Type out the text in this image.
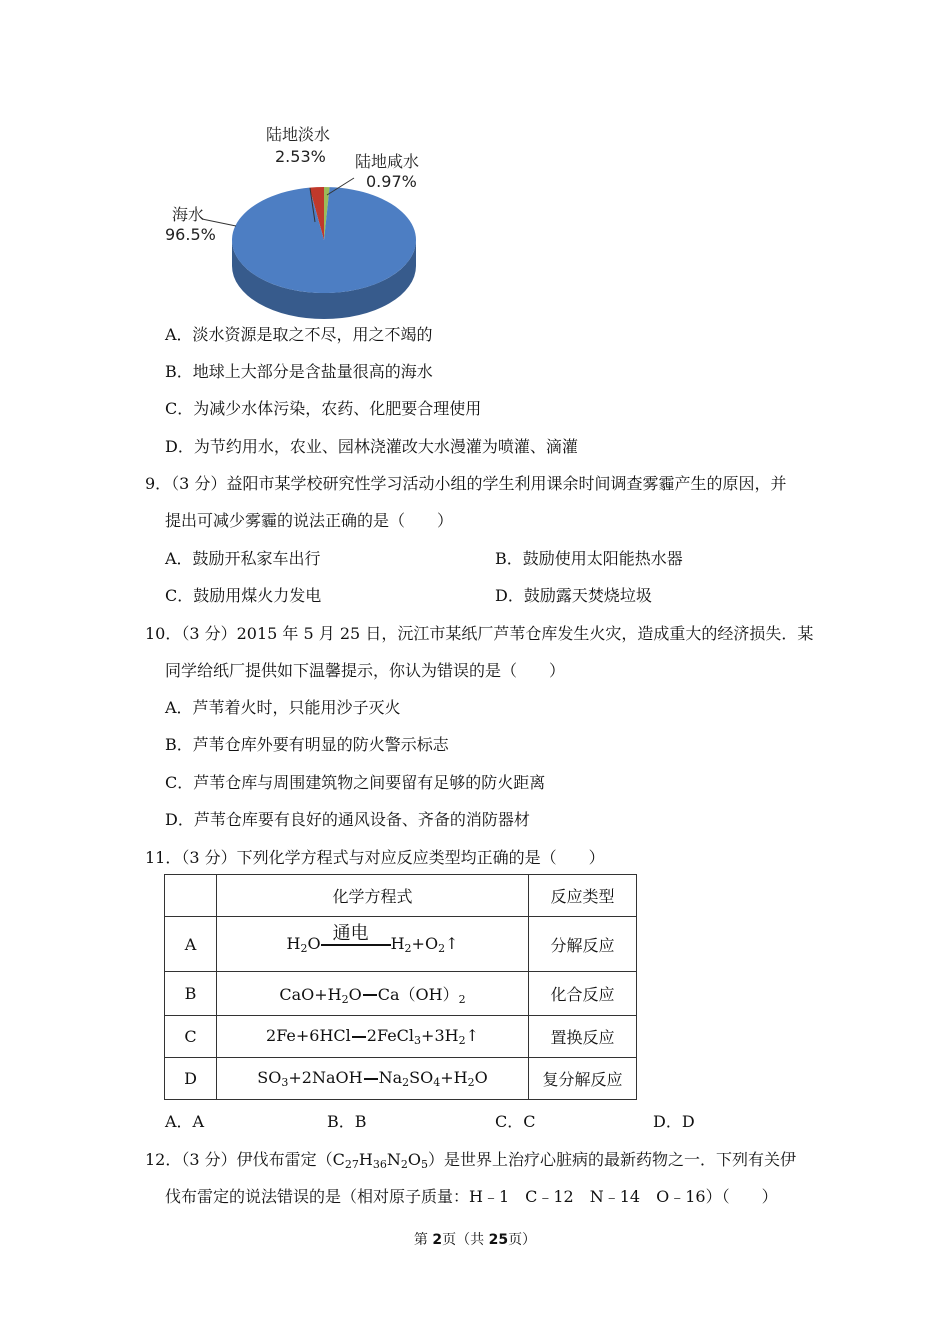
陆地淡水
2.53% 陆地咸水
0.97%
海水
96.5%
A．淡水资源是取之不尽，用之不竭的
B．地球上大部分是含盐量很高的海水
C．为减少水体污染，农药、化肥要合理使用
D．为节约用水，农业、园林浇灌改大水漫灌为喷灌、滴灌
9．（3 分）益阳市某学校研究性学习活动小组的学生利用课余时间调查雾霾产生的原因，并
提出可减少雾霾的说法正确的是（　　）
A．鼓励开私家车出行	B．鼓励使用太阳能热水器
C．鼓励用煤火力发电	D．鼓励露天焚烧垃圾
10．（3 分）2015 年 5 月 25 日，沅江市某纸厂芦苇仓库发生火灾，造成重大的经济损失．某
同学给纸厂提供如下温馨提示，你认为错误的是（　　）
A．芦苇着火时，只能用沙子灭火
B．芦苇仓库外要有明显的防火警示标志
C．芦苇仓库与周围建筑物之间要留有足够的防火距离
D．芦苇仓库要有良好的通风设备、齐备的消防器材
11．（3 分）下列化学方程式与对应反应类型均正确的是（　　）
	化学方程式	反应类型
A	$H_2O$ 通电 $H_2+O_2↑$	分解反应
B	$CaO+H_2O$ $Ca(OH)_2$	化合反应
C	2Fe+6HCl $2FeCl_3+3H_2↑$	置换反应
D	$SO_3+2NaOH$ $Na_2SO_4+H_2O$	复分解反应
A．A	B．B	C．C	D．D
12．（3 分）伊伐布雷定$(C_{27}H_{36}N_2O_5)$是世界上治疗心脏病的最新药物之一．下列有关伊
伐布雷定的说法错误的是（相对原子质量：H﹣1　C﹣12　N﹣14　O﹣16）（　　）
第 2页（共 25页）
